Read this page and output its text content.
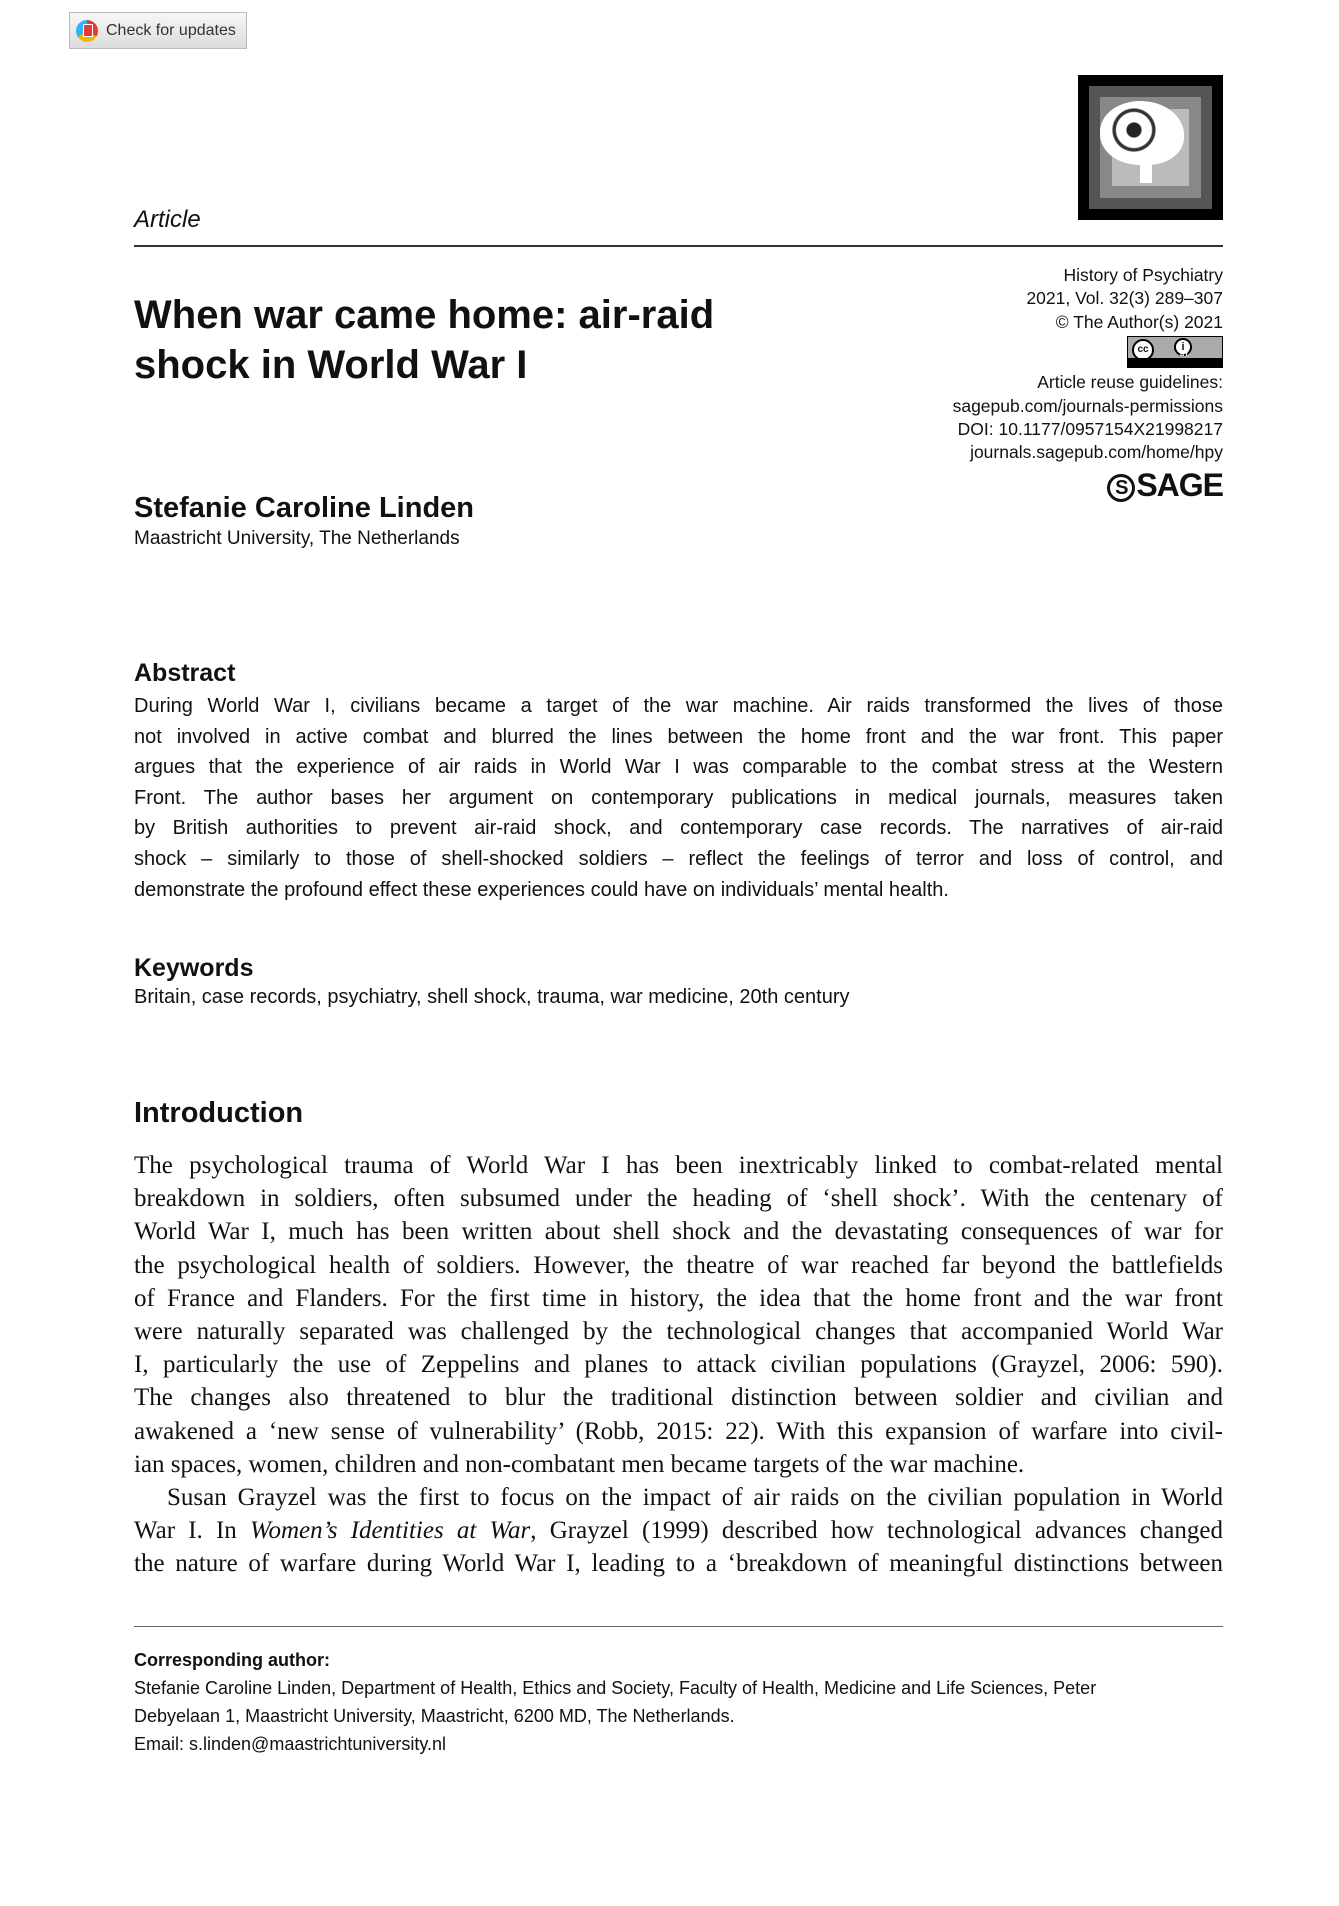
Check for updates
Article
History of Psychiatry
2021, Vol. 32(3) 289–307
© The Author(s) 2021
cc	i
BY
Article reuse guidelines:
sagepub.com/journals-permissions
DOI: 10.1177/0957154X21998217
journals.sagepub.com/home/hpy
S SAGE
When war came home: air-raid
shock in World War I
Stefanie Caroline Linden
Maastricht University, The Netherlands
Abstract
During World War I, civilians became a target of the war machine. Air raids transformed the lives of those
not involved in active combat and blurred the lines between the home front and the war front. This paper
argues that the experience of air raids in World War I was comparable to the combat stress at the Western
Front. The author bases her argument on contemporary publications in medical journals, measures taken
by British authorities to prevent air-raid shock, and contemporary case records. The narratives of air-raid
shock – similarly to those of shell-shocked soldiers – reflect the feelings of terror and loss of control, and
demonstrate the profound effect these experiences could have on individuals’ mental health.
Keywords
Britain, case records, psychiatry, shell shock, trauma, war medicine, 20th century
Introduction
The psychological trauma of World War I has been inextricably linked to combat-related mental
breakdown in soldiers, often subsumed under the heading of ‘shell shock’. With the centenary of
World War I, much has been written about shell shock and the devastating consequences of war for
the psychological health of soldiers. However, the theatre of war reached far beyond the battlefields
of France and Flanders. For the first time in history, the idea that the home front and the war front
were naturally separated was challenged by the technological changes that accompanied World War
I, particularly the use of Zeppelins and planes to attack civilian populations (Grayzel, 2006: 590).
The changes also threatened to blur the traditional distinction between soldier and civilian and
awakened a ‘new sense of vulnerability’ (Robb, 2015: 22). With this expansion of warfare into civil-
ian spaces, women, children and non-combatant men became targets of the war machine.
Susan Grayzel was the first to focus on the impact of air raids on the civilian population in World
War I. In Women’s Identities at War, Grayzel (1999) described how technological advances changed
the nature of warfare during World War I, leading to a ‘breakdown of meaningful distinctions between
Corresponding author:
Stefanie Caroline Linden, Department of Health, Ethics and Society, Faculty of Health, Medicine and Life Sciences, Peter
Debyelaan 1, Maastricht University, Maastricht, 6200 MD, The Netherlands.
Email: s.linden@maastrichtuniversity.nl
